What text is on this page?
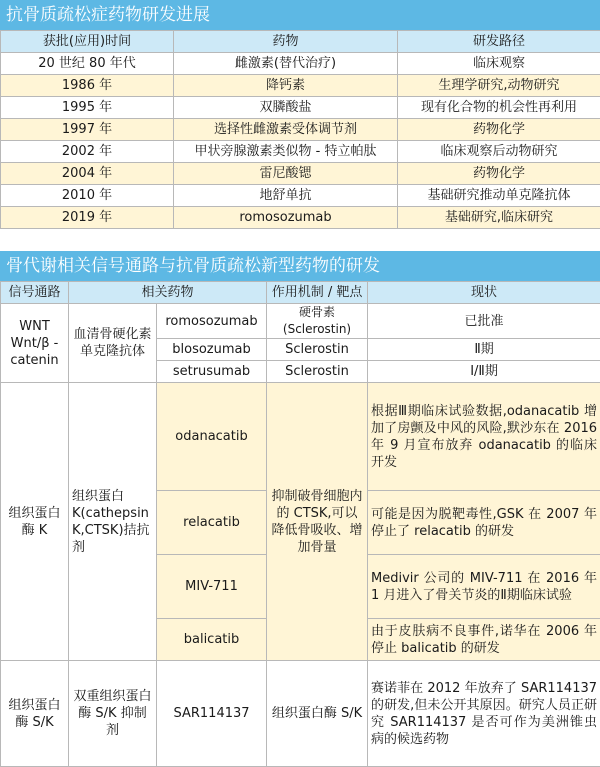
抗骨质疏松症药物研发进展
获批(应用)时间	药物	研发路径
20 世纪 80 年代	雌激素(替代治疗)	临床观察
1986 年	降钙素	生理学研究,动物研究
1995 年	双膦酸盐	现有化合物的机会性再利用
1997 年	选择性雌激素受体调节剂	药物化学
2002 年	甲状旁腺激素类似物 - 特立帕肽	临床观察后动物研究
2004 年	雷尼酸锶	药物化学
2010 年	地舒单抗	基础研究推动单克隆抗体
2019 年	romosozumab	基础研究,临床研究
骨代谢相关信号通路与抗骨质疏松新型药物的研发
信号通路	相关药物		作用机制 / 靶点	现状
WNT Wnt/β - catenin	血清骨硬化素单克隆抗体	romosozumab	硬骨素(Sclerostin)	已批准
		blosozumab	Sclerostin	Ⅱ期
		setrusumab	Sclerostin	Ⅰ/Ⅱ期
组织蛋白酶 K	组织蛋白 K(cathepsin K,CTSK)拮抗剂	odanacatib	抑制破骨细胞内的 CTSK,可以降低骨吸收、增加骨量	根据Ⅲ期临床试验数据,odanacatib 增加了房颤及中风的风险,默沙东在 2016 年 9 月宣布放弃 odanacatib 的临床开发
		relacatib		可能是因为脱靶毒性,GSK 在 2007 年停止了 relacatib 的研发
		MIV-711		Medivir 公司的 MIV-711 在 2016 年 1 月进入了骨关节炎的Ⅱ期临床试验
		balicatib		由于皮肤病不良事件,诺华在 2006 年停止 balicatib 的研发
组织蛋白酶 S/K	双重组织蛋白酶 S/K 抑制剂	SAR114137	组织蛋白酶 S/K	赛诺菲在 2012 年放弃了 SAR114137 的研发,但未公开其原因。研究人员正研究 SAR114137 是否可作为美洲锥虫病的候选药物
